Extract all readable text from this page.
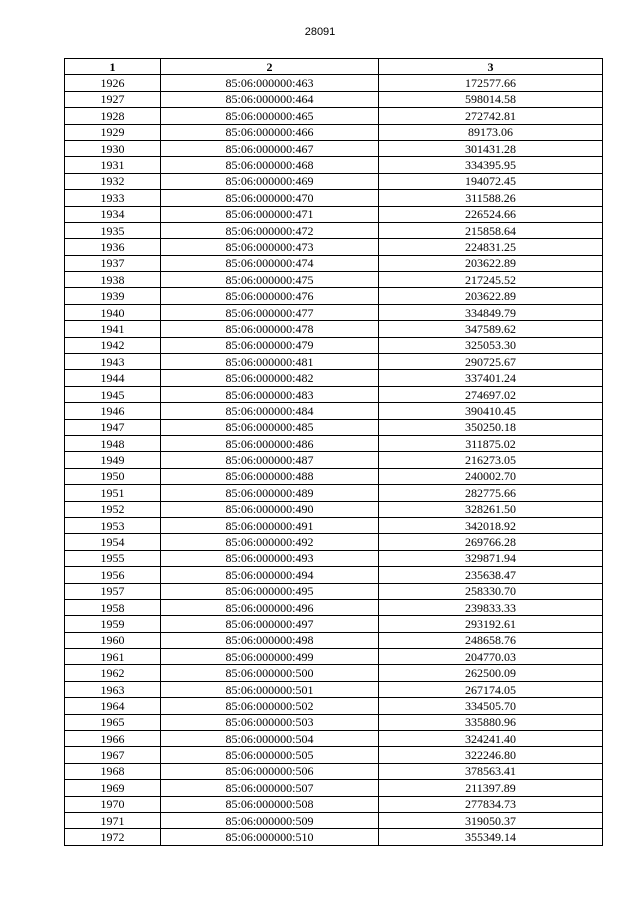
28091
1	2	3
1926	85:06:000000:463	172577.66
1927	85:06:000000:464	598014.58
1928	85:06:000000:465	272742.81
1929	85:06:000000:466	89173.06
1930	85:06:000000:467	301431.28
1931	85:06:000000:468	334395.95
1932	85:06:000000:469	194072.45
1933	85:06:000000:470	311588.26
1934	85:06:000000:471	226524.66
1935	85:06:000000:472	215858.64
1936	85:06:000000:473	224831.25
1937	85:06:000000:474	203622.89
1938	85:06:000000:475	217245.52
1939	85:06:000000:476	203622.89
1940	85:06:000000:477	334849.79
1941	85:06:000000:478	347589.62
1942	85:06:000000:479	325053.30
1943	85:06:000000:481	290725.67
1944	85:06:000000:482	337401.24
1945	85:06:000000:483	274697.02
1946	85:06:000000:484	390410.45
1947	85:06:000000:485	350250.18
1948	85:06:000000:486	311875.02
1949	85:06:000000:487	216273.05
1950	85:06:000000:488	240002.70
1951	85:06:000000:489	282775.66
1952	85:06:000000:490	328261.50
1953	85:06:000000:491	342018.92
1954	85:06:000000:492	269766.28
1955	85:06:000000:493	329871.94
1956	85:06:000000:494	235638.47
1957	85:06:000000:495	258330.70
1958	85:06:000000:496	239833.33
1959	85:06:000000:497	293192.61
1960	85:06:000000:498	248658.76
1961	85:06:000000:499	204770.03
1962	85:06:000000:500	262500.09
1963	85:06:000000:501	267174.05
1964	85:06:000000:502	334505.70
1965	85:06:000000:503	335880.96
1966	85:06:000000:504	324241.40
1967	85:06:000000:505	322246.80
1968	85:06:000000:506	378563.41
1969	85:06:000000:507	211397.89
1970	85:06:000000:508	277834.73
1971	85:06:000000:509	319050.37
1972	85:06:000000:510	355349.14
